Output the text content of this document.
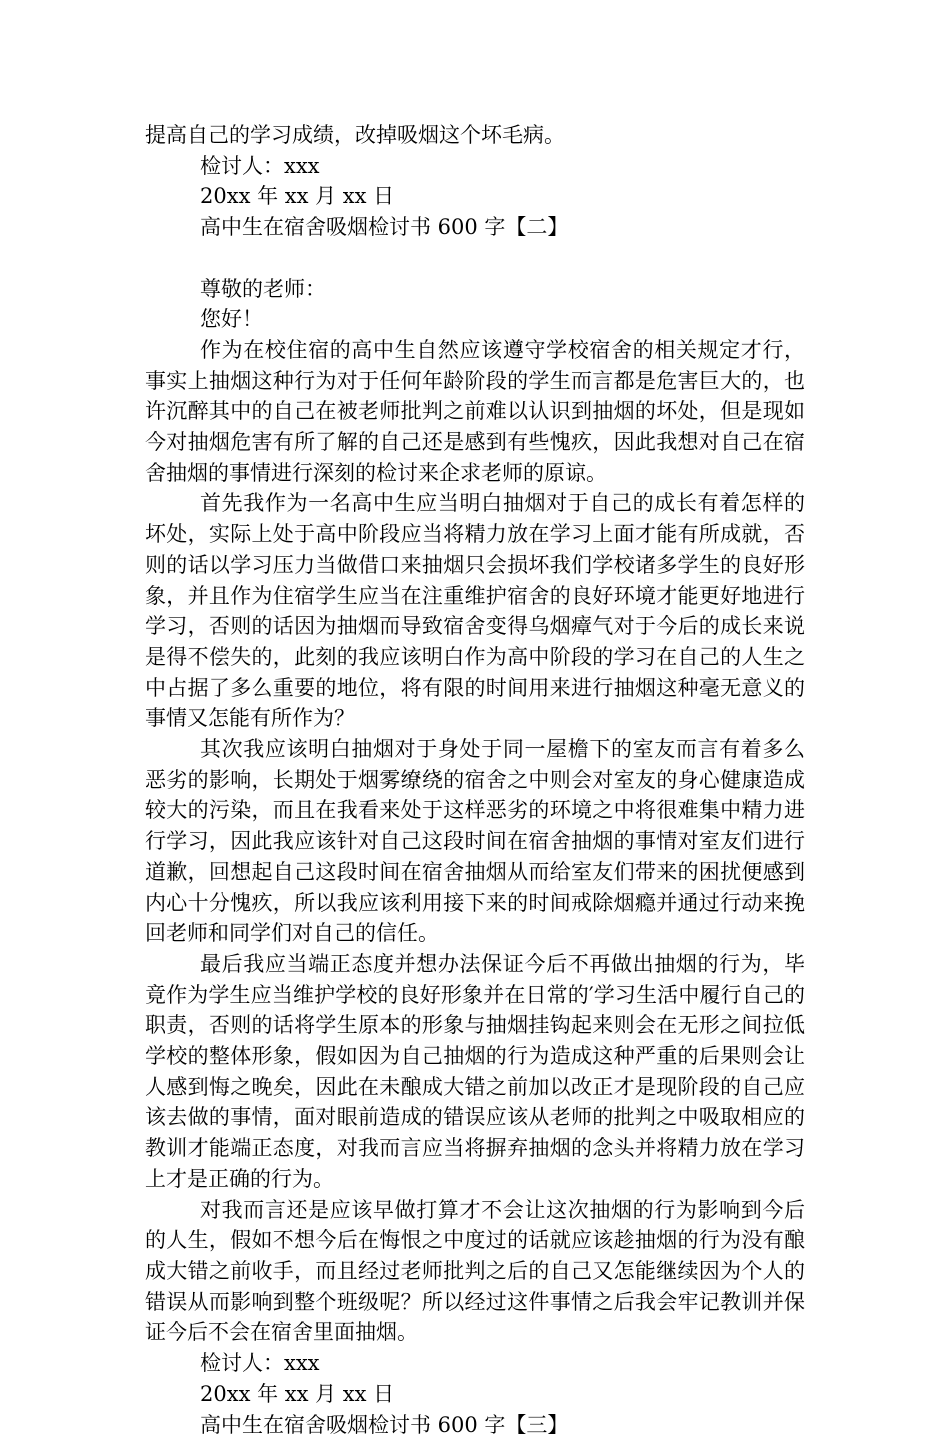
提高自己的学习成绩，改掉吸烟这个坏毛病。

检讨人：xxx

20xx 年 xx 月 xx 日

高中生在宿舍吸烟检讨书 600 字【二】

尊敬的老师：

您好！

作为在校住宿的高中生自然应该遵守学校宿舍的相关规定才行，事实上抽烟这种行为对于任何年龄阶段的学生而言都是危害巨大的，也许沉醉其中的自己在被老师批判之前难以认识到抽烟的坏处，但是现如今对抽烟危害有所了解的自己还是感到有些愧疚，因此我想对自己在宿舍抽烟的事情进行深刻的检讨来企求老师的原谅。

首先我作为一名高中生应当明白抽烟对于自己的成长有着怎样的坏处，实际上处于高中阶段应当将精力放在学习上面才能有所成就，否则的话以学习压力当做借口来抽烟只会损坏我们学校诸多学生的良好形象，并且作为住宿学生应当在注重维护宿舍的良好环境才能更好地进行学习，否则的话因为抽烟而导致宿舍变得乌烟瘴气对于今后的成长来说是得不偿失的，此刻的我应该明白作为高中阶段的学习在自己的人生之中占据了多么重要的地位，将有限的时间用来进行抽烟这种毫无意义的事情又怎能有所作为？

其次我应该明白抽烟对于身处于同一屋檐下的室友而言有着多么恶劣的影响，长期处于烟雾缭绕的宿舍之中则会对室友的身心健康造成较大的污染，而且在我看来处于这样恶劣的环境之中将很难集中精力进行学习，因此我应该针对自己这段时间在宿舍抽烟的事情对室友们进行道歉，回想起自己这段时间在宿舍抽烟从而给室友们带来的困扰便感到内心十分愧疚，所以我应该利用接下来的时间戒除烟瘾并通过行动来挽回老师和同学们对自己的信任。

最后我应当端正态度并想办法保证今后不再做出抽烟的行为，毕竟作为学生应当维护学校的良好形象并在日常的′学习生活中履行自己的职责，否则的话将学生原本的形象与抽烟挂钩起来则会在无形之间拉低学校的整体形象，假如因为自己抽烟的行为造成这种严重的后果则会让人感到悔之晚矣，因此在未酿成大错之前加以改正才是现阶段的自己应该去做的事情，面对眼前造成的错误应该从老师的批判之中吸取相应的教训才能端正态度，对我而言应当将摒弃抽烟的念头并将精力放在学习上才是正确的行为。

对我而言还是应该早做打算才不会让这次抽烟的行为影响到今后的人生，假如不想今后在悔恨之中度过的话就应该趁抽烟的行为没有酿成大错之前收手，而且经过老师批判之后的自己又怎能继续因为个人的错误从而影响到整个班级呢？所以经过这件事情之后我会牢记教训并保证今后不会在宿舍里面抽烟。

检讨人：xxx

20xx 年 xx 月 xx 日

高中生在宿舍吸烟检讨书 600 字【三】
